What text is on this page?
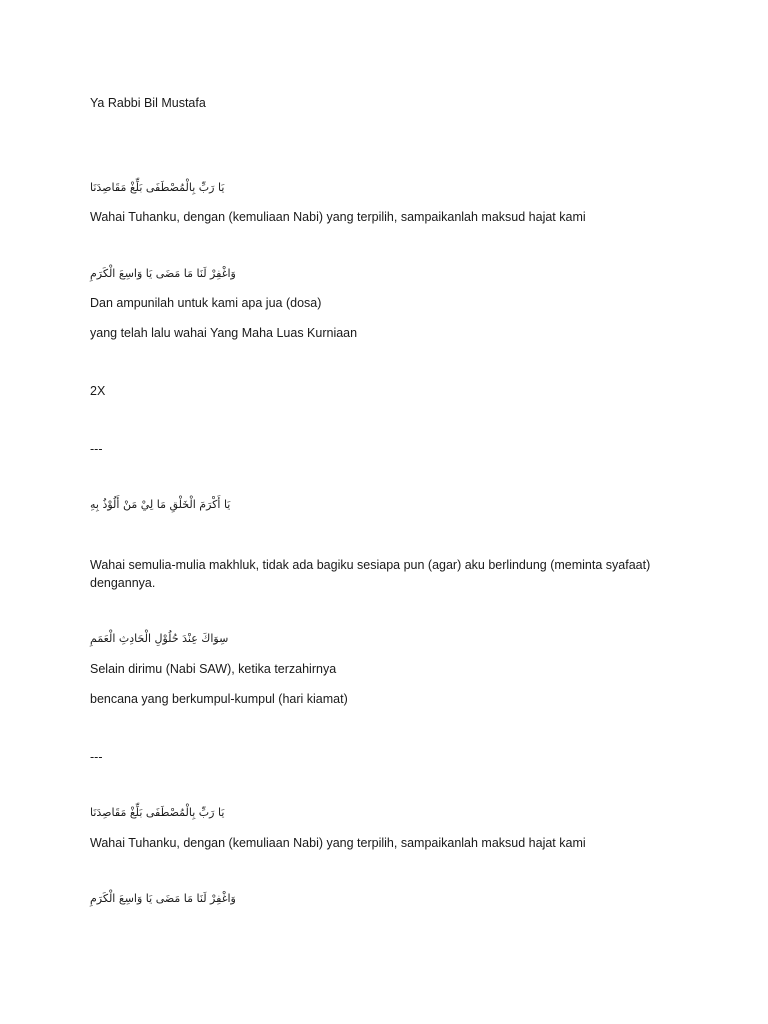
Ya Rabbi Bil Mustafa
يَا رَبِّ بِالْمُصْطَفَى بَلِّغْ مَقَاصِدَنَا
Wahai Tuhanku, dengan (kemuliaan Nabi) yang terpilih, sampaikanlah maksud hajat kami
وَاغْفِرْ لَنَا مَا مَضَى يَا وَاسِعَ الْكَرَمِ
Dan ampunilah untuk kami apa jua (dosa)
yang telah lalu wahai Yang Maha Luas Kurniaan
2X
---
يَا أَكْرَمَ الْخَلْقِ مَا لِيْ مَنْ أَلُوْذُ بِهِ
Wahai semulia-mulia makhluk, tidak ada bagiku sesiapa pun (agar) aku berlindung (meminta syafaat) dengannya.
سِوَاكَ عِنْدَ حُلُوْلِ الْحَادِثِ الْعَمَمِ
Selain dirimu (Nabi SAW), ketika terzahirnya
bencana yang berkumpul-kumpul (hari kiamat)
---
يَا رَبِّ بِالْمُصْطَفَى بَلِّغْ مَقَاصِدَنَا
Wahai Tuhanku, dengan (kemuliaan Nabi) yang terpilih, sampaikanlah maksud hajat kami
وَاغْفِرْ لَنَا مَا مَضَى يَا وَاسِعَ الْكَرَمِ
